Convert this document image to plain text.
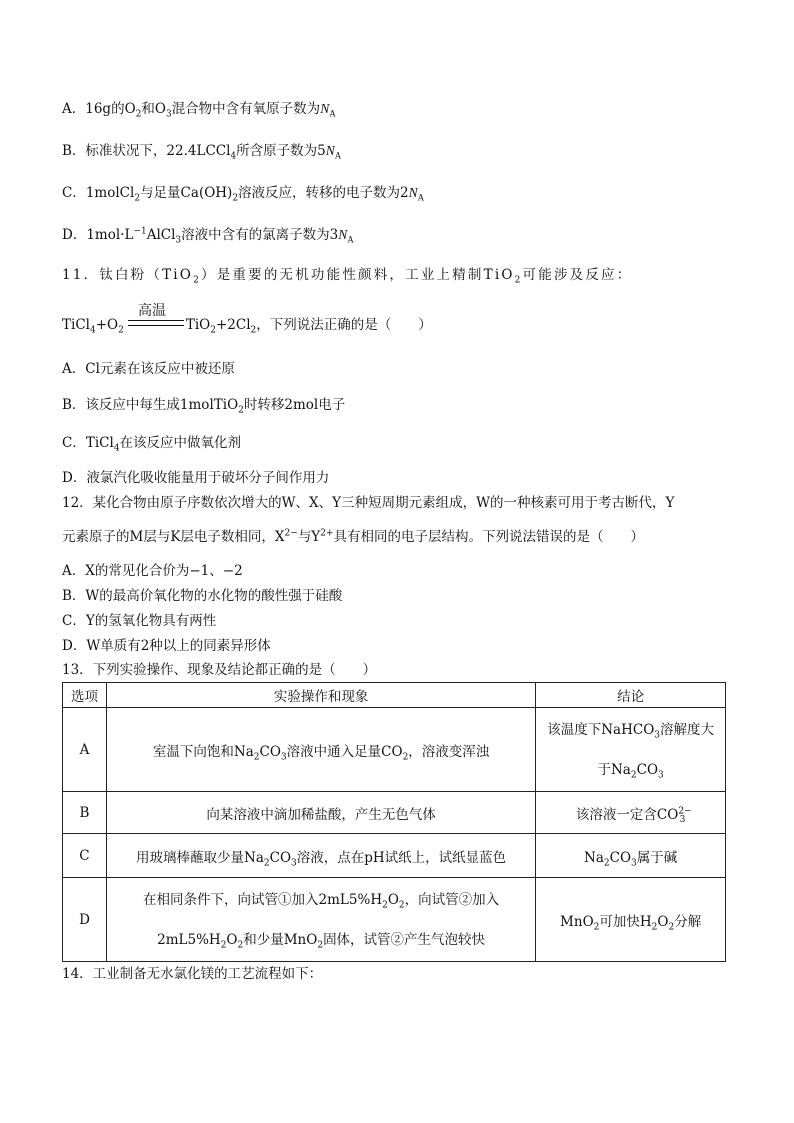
A．16g的$O_2$和$O_3$混合物中含有氧原子数为$N_A$
B．标准状况下，22.4LCCl$_4$所含原子数为$5N_A$
C．1molCl$_2$与足量$Ca(OH)_2$溶液反应，转移的电子数为$2N_A$
D．$1mol\cdot L^{-1}AlCl_3$溶液中含有的氯离子数为$3N_A$
11．钛白粉（TiO$_2$）是重要的无机功能性颜料，工业上精制TiO$_2$可能涉及反应：
高温
$TiCl_4+O_2$	$TiO_2+2Cl_2$，下列说法正确的是（　　）
A．Cl元素在该反应中被还原
B．该反应中每生成1molTiO$_2$时转移2mol电子
C．TiCl$_4$在该反应中做氧化剂
D．液氯汽化吸收能量用于破坏分子间作用力
12．某化合物由原子序数依次增大的W、X、Y三种短周期元素组成，W的一种核素可用于考古断代，Y
元素原子的M层与K层电子数相同，$X^{2-}$与$Y^{2+}$具有相同的电子层结构。下列说法错误的是（　　）
A．X的常见化合价为−1、−2
B．W的最高价氧化物的水化物的酸性强于硅酸
C．Y的氢氧化物具有两性
D．W单质有2种以上的同素异形体
13．下列实验操作、现象及结论都正确的是（　　）
选项	实验操作和现象	结论
A	室温下向饱和$Na_2CO_3$溶液中通入足量$CO_2$，溶液变浑浊	该温度下NaHCO$_3$溶解度大
于$Na_2CO_3$
B	向某溶液中滴加稀盐酸，产生无色气体	该溶液一定含$CO^{2-}_3$
C	用玻璃棒蘸取少量$Na_2CO_3$溶液，点在pH试纸上，试纸显蓝色	$Na_2CO_3$属于碱
D	在相同条件下，向试管①加入$2mL5\%H_2O_2$，向试管②加入
$2mL5\%H_2O_2$和少量MnO$_2$固体，试管②产生气泡较快	MnO$_2$可加快$H_2O_2$分解
14．工业制备无水氯化镁的工艺流程如下：
